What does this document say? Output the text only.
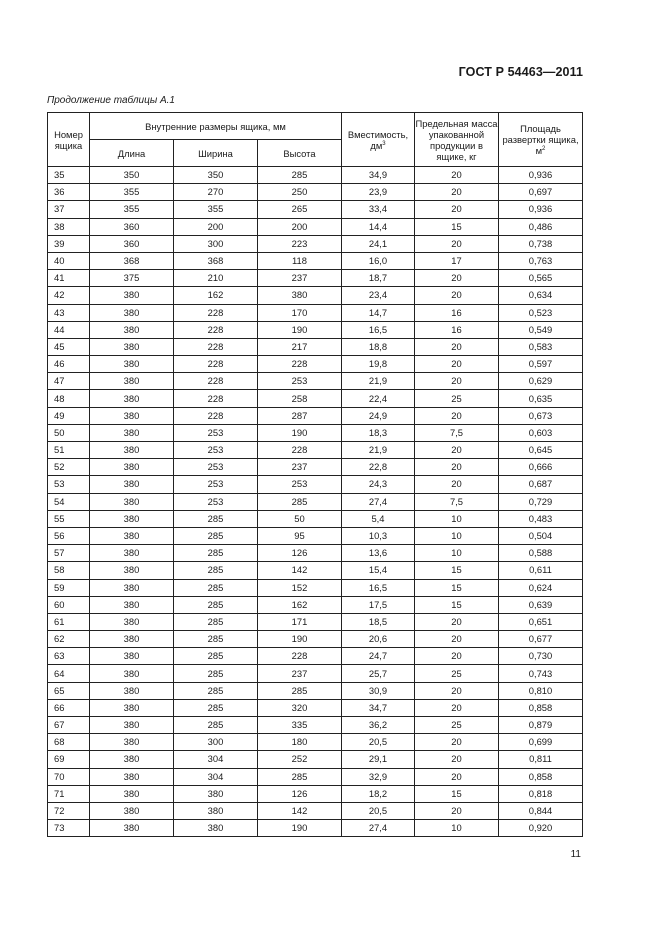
ГОСТ Р 54463—2011
Продолжение таблицы А.1
Номер ящика	Внутренние размеры ящика, мм			Вместимость, $дм^3$	Предельная масса упакованной продукции в ящике, кг	Площадь развертки ящика, $м^2$
	Длина	Ширина	Высота			
35	350	350	285	34,9	20	0,936
36	355	270	250	23,9	20	0,697
37	355	355	265	33,4	20	0,936
38	360	200	200	14,4	15	0,486
39	360	300	223	24,1	20	0,738
40	368	368	118	16,0	17	0,763
41	375	210	237	18,7	20	0,565
42	380	162	380	23,4	20	0,634
43	380	228	170	14,7	16	0,523
44	380	228	190	16,5	16	0,549
45	380	228	217	18,8	20	0,583
46	380	228	228	19,8	20	0,597
47	380	228	253	21,9	20	0,629
48	380	228	258	22,4	25	0,635
49	380	228	287	24,9	20	0,673
50	380	253	190	18,3	7,5	0,603
51	380	253	228	21,9	20	0,645
52	380	253	237	22,8	20	0,666
53	380	253	253	24,3	20	0,687
54	380	253	285	27,4	7,5	0,729
55	380	285	50	5,4	10	0,483
56	380	285	95	10,3	10	0,504
57	380	285	126	13,6	10	0,588
58	380	285	142	15,4	15	0,611
59	380	285	152	16,5	15	0,624
60	380	285	162	17,5	15	0,639
61	380	285	171	18,5	20	0,651
62	380	285	190	20,6	20	0,677
63	380	285	228	24,7	20	0,730
64	380	285	237	25,7	25	0,743
65	380	285	285	30,9	20	0,810
66	380	285	320	34,7	20	0,858
67	380	285	335	36,2	25	0,879
68	380	300	180	20,5	20	0,699
69	380	304	252	29,1	20	0,811
70	380	304	285	32,9	20	0,858
71	380	380	126	18,2	15	0,818
72	380	380	142	20,5	20	0,844
73	380	380	190	27,4	10	0,920
11
